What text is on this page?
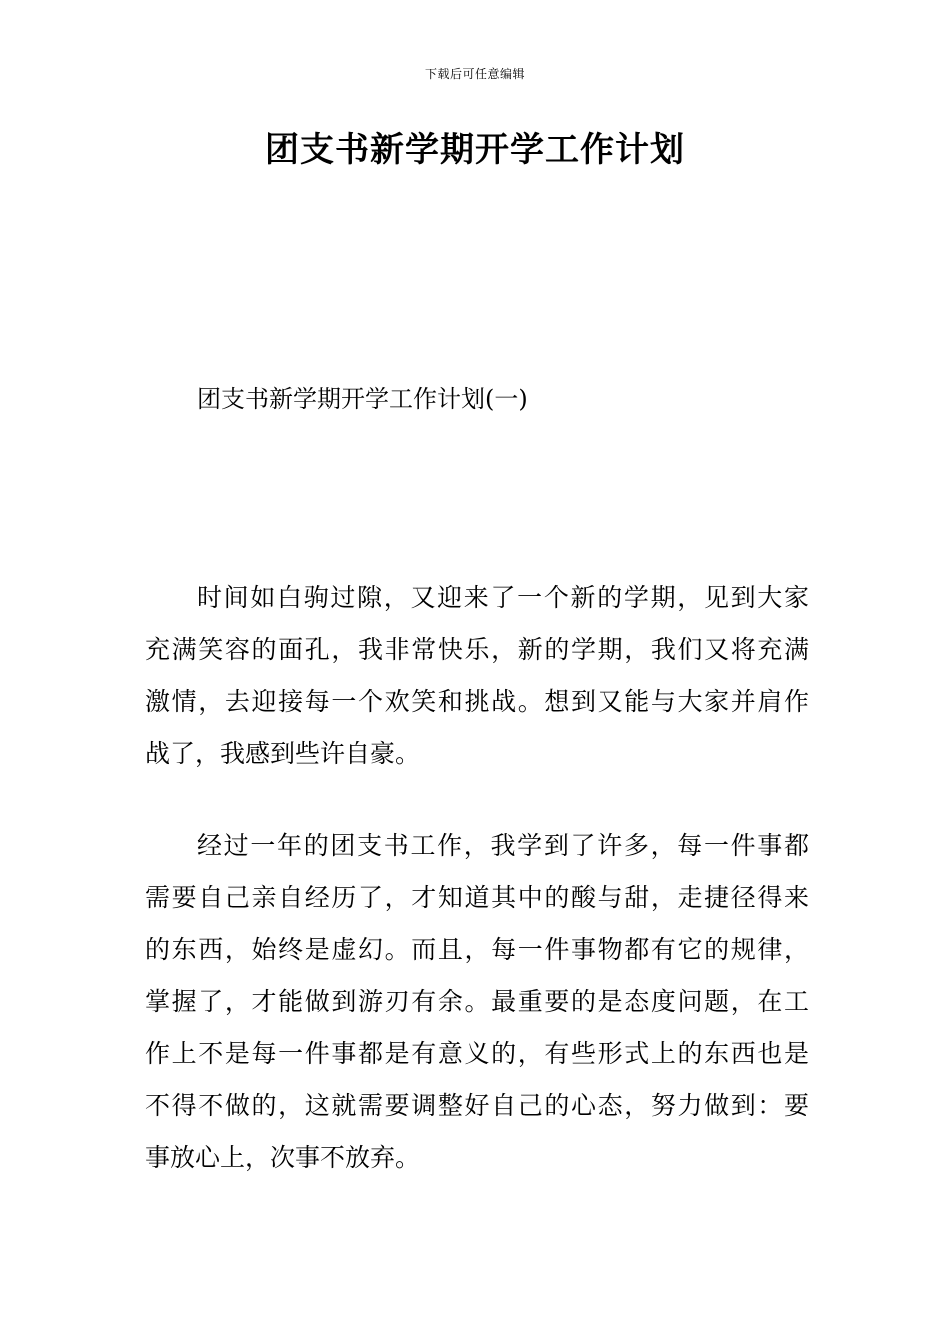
下载后可任意编辑
团支书新学期开学工作计划
团支书新学期开学工作计划(一)
时间如白驹过隙，又迎来了一个新的学期，见到大家
充满笑容的面孔，我非常快乐，新的学期，我们又将充满
激情，去迎接每一个欢笑和挑战。想到又能与大家并肩作
战了，我感到些许自豪。
经过一年的团支书工作，我学到了许多，每一件事都
需要自己亲自经历了，才知道其中的酸与甜，走捷径得来
的东西，始终是虚幻。而且，每一件事物都有它的规律，
掌握了，才能做到游刃有余。最重要的是态度问题，在工
作上不是每一件事都是有意义的，有些形式上的东西也是
不得不做的，这就需要调整好自己的心态，努力做到：要
事放心上，次事不放弃。
